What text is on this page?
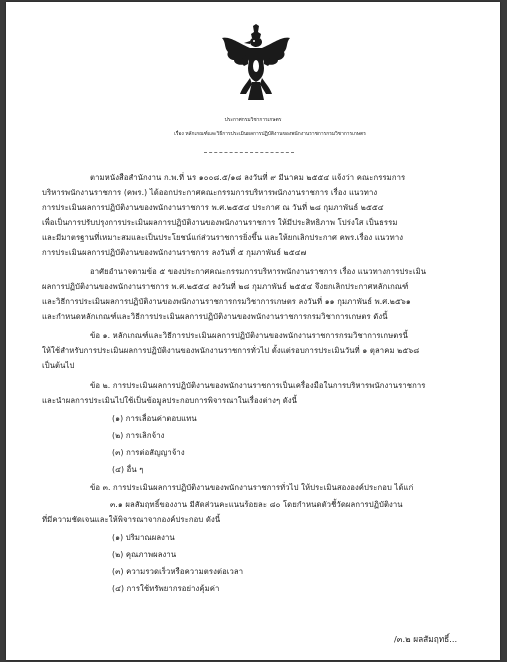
ประกาศกรมวิชาการเกษตร
เรื่อง หลักเกณฑ์และวิธีการประเมินผลการปฏิบัติงานของพนักงานราชการกรมวิชาการเกษตร
ตามหนังสือสำนักงาน ก.พ.ที่ นร ๑๐๐๘.๕/๑๘ ลงวันที่ ๙ มีนาคม ๒๕๕๔ แจ้งว่า คณะกรรมการ
บริหารพนักงานราชการ (คพร.) ได้ออกประกาศคณะกรรมการบริหารพนักงานราชการ เรื่อง แนวทาง
การประเมินผลการปฏิบัติงานของพนักงานราชการ พ.ศ.๒๕๕๔ ประกาศ ณ วันที่ ๒๘ กุมภาพันธ์ ๒๕๕๔
เพื่อเป็นการปรับปรุงการประเมินผลการปฏิบัติงานของพนักงานราชการ ให้มีประสิทธิภาพ โปร่งใส เป็นธรรม
และมีมาตรฐานที่เหมาะสมและเป็นประโยชน์แก่ส่วนราชการยิ่งขึ้น และให้ยกเลิกประกาศ คพร.เรื่อง แนวทาง
การประเมินผลการปฏิบัติงานของพนักงานราชการ ลงวันที่ ๕ กุมภาพันธ์ ๒๕๔๗
อาศัยอำนาจตามข้อ ๕ ของประกาศคณะกรรมการบริหารพนักงานราชการ เรื่อง แนวทางการประเมิน
ผลการปฏิบัติงานของพนักงานราชการ พ.ศ.๒๕๕๔ ลงวันที่ ๒๘ กุมภาพันธ์ ๒๕๕๔ จึงยกเลิกประกาศหลักเกณฑ์
และวิธีการประเมินผลการปฏิบัติงานของพนักงานราชการกรมวิชาการเกษตร ลงวันที่ ๑๑ กุมภาพันธ์ พ.ศ.๒๕๖๑
และกำหนดหลักเกณฑ์และวิธีการประเมินผลการปฏิบัติงานของพนักงานราชการกรมวิชาการเกษตร ดังนี้
ข้อ ๑. หลักเกณฑ์และวิธีการประเมินผลการปฏิบัติงานของพนักงานราชการกรมวิชาการเกษตรนี้
ให้ใช้สำหรับการประเมินผลการปฏิบัติงานของพนักงานราชการทั่วไป ตั้งแต่รอบการประเมินวันที่ ๑ ตุลาคม ๒๕๖๘
เป็นต้นไป
ข้อ ๒. การประเมินผลการปฏิบัติงานของพนักงานราชการเป็นเครื่องมือในการบริหารพนักงานราชการ
และนำผลการประเมินไปใช้เป็นข้อมูลประกอบการพิจารณาในเรื่องต่างๆ ดังนี้
(๑) การเลื่อนค่าตอบแทน
(๒) การเลิกจ้าง
(๓) การต่อสัญญาจ้าง
(๔) อื่น ๆ
ข้อ ๓. การประเมินผลการปฏิบัติงานของพนักงานราชการทั่วไป ให้ประเมินสององค์ประกอบ ได้แก่
๓.๑ ผลสัมฤทธิ์ของงาน มีสัดส่วนคะแนนร้อยละ ๘๐ โดยกำหนดตัวชี้วัดผลการปฏิบัติงาน
ที่มีความชัดเจนและให้พิจารณาจากองค์ประกอบ ดังนี้
(๑) ปริมาณผลงาน
(๒) คุณภาพผลงาน
(๓) ความรวดเร็วหรือความตรงต่อเวลา
(๔) การใช้ทรัพยากรอย่างคุ้มค่า
/๓.๒ ผลสัมฤทธิ์...
